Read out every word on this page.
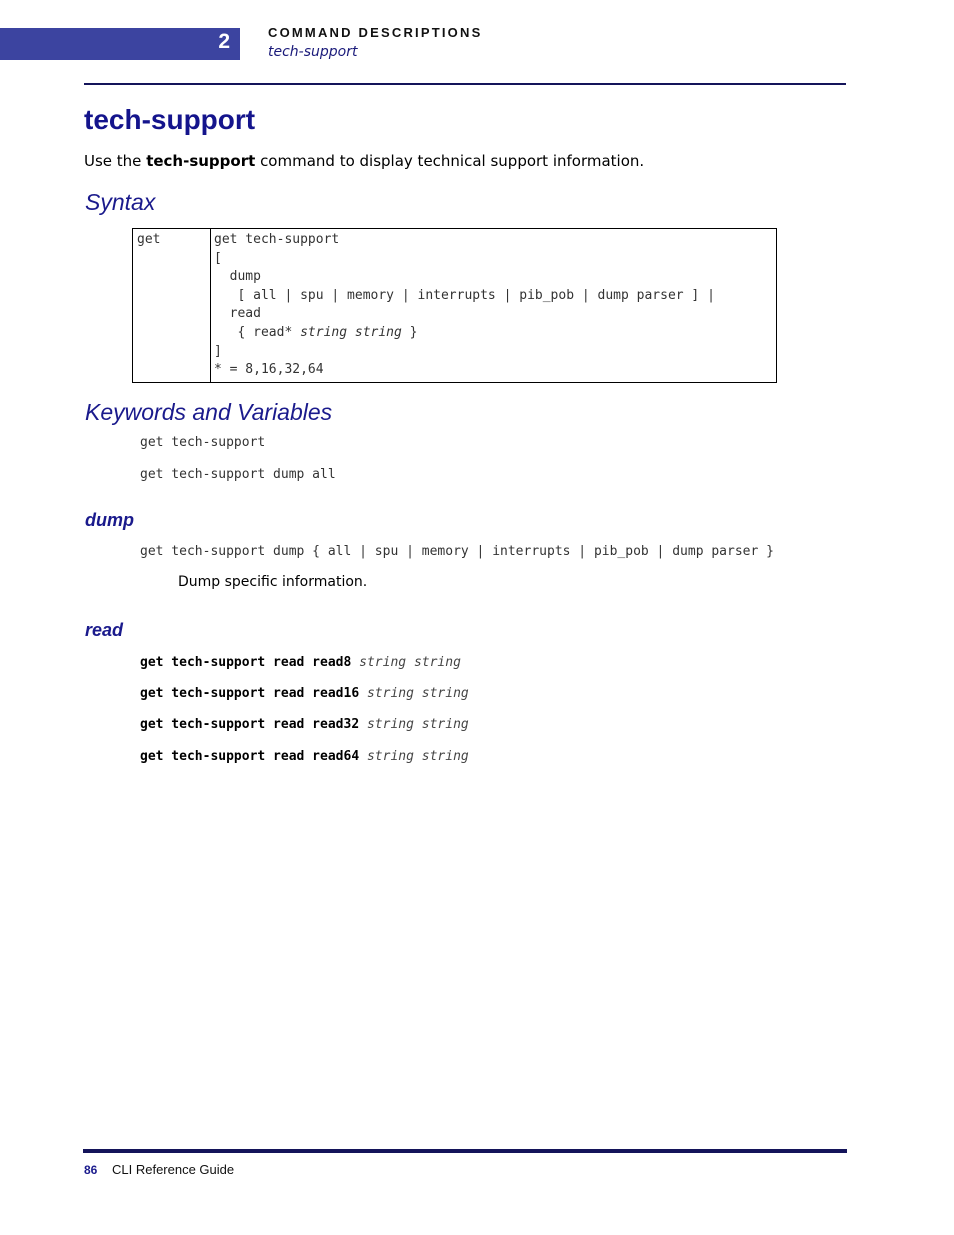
2	COMMAND DESCRIPTIONS
tech-support
tech-support

Use the tech-support command to display technical support information.

Syntax
get	get tech-support
[
dump
[ all | spu | memory | interrupts | pib_pob | dump parser ] |
read
{ read* string string }
]
* = 8,16,32,64
Keywords and Variables
get tech-support
get tech-support dump all
dump
get tech-support dump { all | spu | memory | interrupts | pib_pob | dump parser }

Dump specific information.

read
get tech-support read read8 string string
get tech-support read read16 string string
get tech-support read read32 string string
get tech-support read read64 string string
86 CLI Reference Guide
